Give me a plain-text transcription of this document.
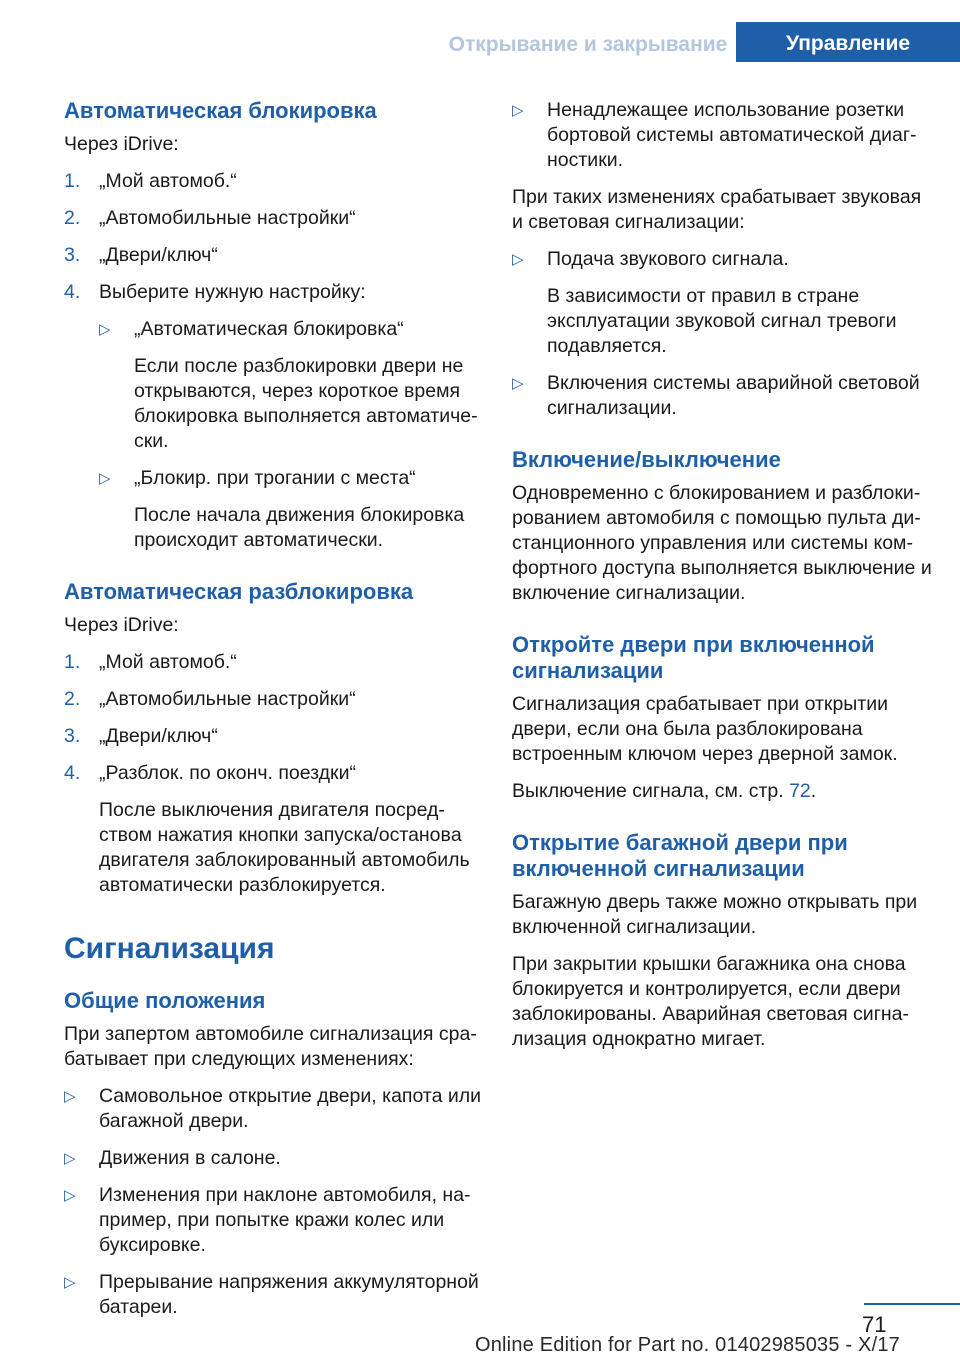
Открывание и закрывание	Управление
Автоматическая блокировка

Через iDrive:

1. „Мой автомоб.“
2. „Автомобильные настройки“
3. „Двери/ключ“
4. Выберите нужную настройку:
▷ „Автоматическая блокировка“
Если после разблокировки двери не открываются, через короткое время блокировка выполняется автоматически.
▷ „Блокир. при трогании с места“
После начала движения блокировка происходит автоматически.
Автоматическая разблокировка

Через iDrive:

1. „Мой автомоб.“
2. „Автомобильные настройки“
3. „Двери/ключ“
4. „Разблок. по оконч. поездки“
После выключения двигателя посредством нажатия кнопки запуска/остановa двигателя заблокированный автомобиль автоматически разблокируется.
Сигнализация
Общие положения

При запертом автомобиле сигнализация срабатывает при следующих изменениях:

▷ Самовольное открытие двери, капота или багажной двери.
▷ Движения в салоне.
▷ Изменения при наклоне автомобиля, например, при попытке кражи колес или буксировке.
▷ Прерывание напряжения аккумуляторной батареи.
▷ Ненадлежащее использование розетки бортовой системы автоматической диагностики.

При таких изменениях срабатывает звуковая и световая сигнализации:

▷ Подача звукового сигнала.
В зависимости от правил в стране эксплуатации звуковой сигнал тревоги подавляется.
▷ Включения системы аварийной световой сигнализации.
Включение/выключение

Одновременно с блокированием и разблокированием автомобиля с помощью пульта дистанционного управления или системы комфортного доступа выполняется выключение и включение сигнализации.

Откройте двери при включенной сигнализации

Сигнализация срабатывает при открытии двери, если она была разблокирована встроенным ключом через дверной замок.

Выключение сигнала, см. стр. 72.

Открытие багажной двери при включенной сигнализации

Багажную дверь также можно открывать при включенной сигнализации.

При закрытии крышки багажника она снова блокируется и контролируется, если двери заблокированы. Аварийная световая сигнализация однократно мигает.

71
Online Edition for Part no. 01402985035 - X/17
